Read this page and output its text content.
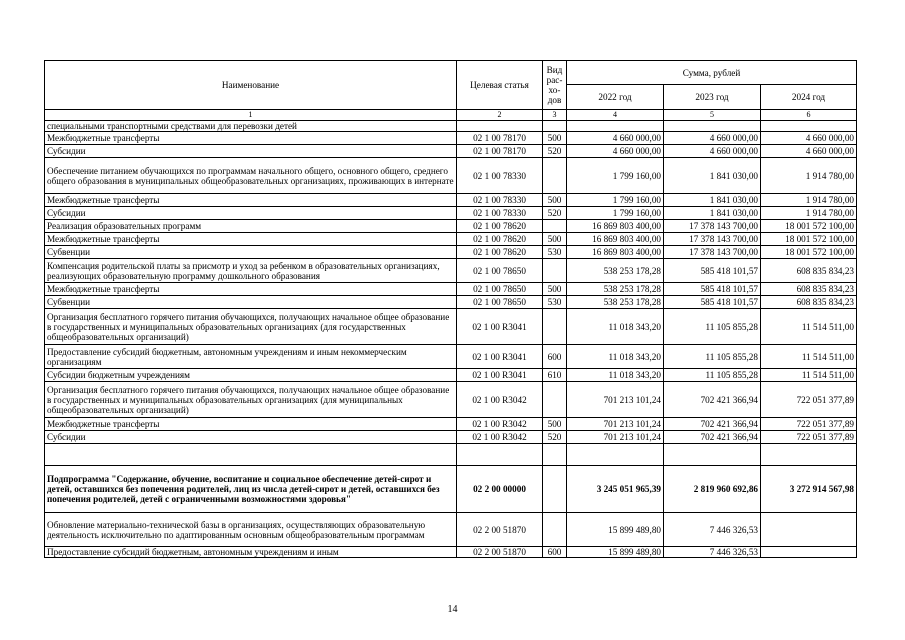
Наименование	Целевая статья	Вид рас-хо-дов	Сумма, рублей		
			2022 год	2023 год	2024 год
1	2	3	4	5	6
специальными транспортными средствами для перевозки детей					
Межбюджетные трансферты	02 1 00 78170	500	4 660 000,00	4 660 000,00	4 660 000,00
Субсидии	02 1 00 78170	520	4 660 000,00	4 660 000,00	4 660 000,00
Обеспечение питанием обучающихся по программам начального общего, основного общего, среднего общего образования в муниципальных общеобразовательных организациях, проживающих в интернате	02 1 00 78330		1 799 160,00	1 841 030,00	1 914 780,00
Межбюджетные трансферты	02 1 00 78330	500	1 799 160,00	1 841 030,00	1 914 780,00
Субсидии	02 1 00 78330	520	1 799 160,00	1 841 030,00	1 914 780,00
Реализация образовательных программ	02 1 00 78620		16 869 803 400,00	17 378 143 700,00	18 001 572 100,00
Межбюджетные трансферты	02 1 00 78620	500	16 869 803 400,00	17 378 143 700,00	18 001 572 100,00
Субвенции	02 1 00 78620	530	16 869 803 400,00	17 378 143 700,00	18 001 572 100,00
Компенсация родительской платы за присмотр и уход за ребенком в образовательных организациях, реализующих образовательную программу дошкольного образования	02 1 00 78650		538 253 178,28	585 418 101,57	608 835 834,23
Межбюджетные трансферты	02 1 00 78650	500	538 253 178,28	585 418 101,57	608 835 834,23
Субвенции	02 1 00 78650	530	538 253 178,28	585 418 101,57	608 835 834,23
Организация бесплатного горячего питания обучающихся, получающих начальное общее образование в государственных и муниципальных образовательных организациях (для государственных общеобразовательных организаций)	02 1 00 R3041		11 018 343,20	11 105 855,28	11 514 511,00
Предоставление субсидий бюджетным, автономным учреждениям и иным некоммерческим организациям	02 1 00 R3041	600	11 018 343,20	11 105 855,28	11 514 511,00
Субсидии бюджетным учреждениям	02 1 00 R3041	610	11 018 343,20	11 105 855,28	11 514 511,00
Организация бесплатного горячего питания обучающихся, получающих начальное общее образование в государственных и муниципальных образовательных организациях (для муниципальных общеобразовательных организаций)	02 1 00 R3042		701 213 101,24	702 421 366,94	722 051 377,89
Межбюджетные трансферты	02 1 00 R3042	500	701 213 101,24	702 421 366,94	722 051 377,89
Субсидии	02 1 00 R3042	520	701 213 101,24	702 421 366,94	722 051 377,89

Подпрограмма "Содержание, обучение, воспитание и социальное обеспечение детей-сирот и детей, оставшихся без попечения родителей, лиц из числа детей-сирот и детей, оставшихся без попечения родителей, детей с ограниченными возможностями здоровья"	02 2 00 00000		3 245 051 965,39	2 819 960 692,86	3 272 914 567,98
Обновление материально-технической базы в организациях, осуществляющих образовательную деятельность исключительно по адаптированным основным общеобразовательным программам	02 2 00 51870		15 899 489,80	7 446 326,53	
Предоставление субсидий бюджетным, автономным учреждениям и иным	02 2 00 51870	600	15 899 489,80	7 446 326,53	
14
